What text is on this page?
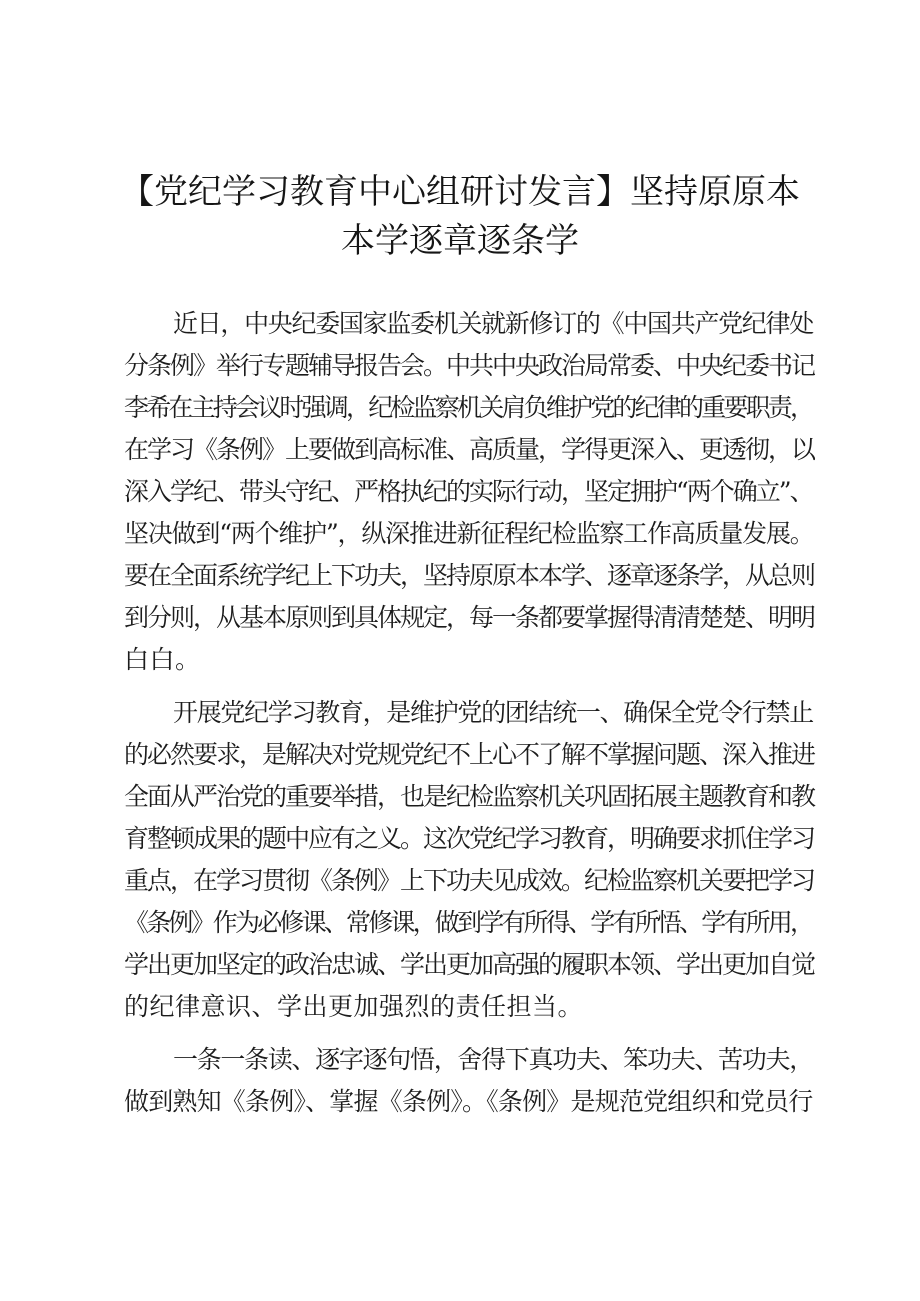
【党纪学习教育中心组研讨发言】坚持原原本
本学逐章逐条学
近日，中央纪委国家监委机关就新修订的《中国共产党纪律处
分条例》举行专题辅导报告会。中共中央政治局常委、中央纪委书记
李希在主持会议时强调，纪检监察机关肩负维护党的纪律的重要职责，
在学习《条例》上要做到高标准、高质量，学得更深入、更透彻，以
深入学纪、带头守纪、严格执纪的实际行动，坚定拥护“两个确立”、
坚决做到“两个维护”，纵深推进新征程纪检监察工作高质量发展。
要在全面系统学纪上下功夫，坚持原原本本学、逐章逐条学，从总则
到分则，从基本原则到具体规定，每一条都要掌握得清清楚楚、明明
白白。
开展党纪学习教育，是维护党的团结统一、确保全党令行禁止
的必然要求，是解决对党规党纪不上心不了解不掌握问题、深入推进
全面从严治党的重要举措，也是纪检监察机关巩固拓展主题教育和教
育整顿成果的题中应有之义。这次党纪学习教育，明确要求抓住学习
重点，在学习贯彻《条例》上下功夫见成效。纪检监察机关要把学习
《条例》作为必修课、常修课，做到学有所得、学有所悟、学有所用，
学出更加坚定的政治忠诚、学出更加高强的履职本领、学出更加自觉
的纪律意识、学出更加强烈的责任担当。
一条一条读、逐字逐句悟，舍得下真功夫、笨功夫、苦功夫，
做到熟知《条例》、掌握《条例》。《条例》是规范党组织和党员行
